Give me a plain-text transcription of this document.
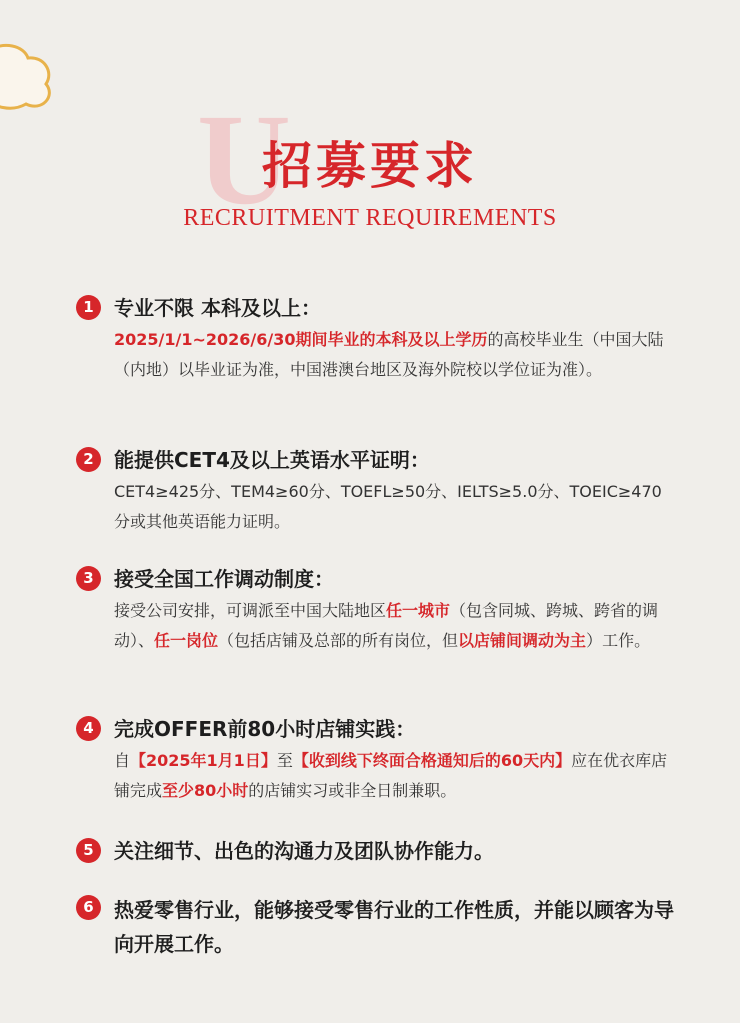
U
招募要求
RECRUITMENT REQUIREMENTS
1	专业不限 本科及以上：
2025/1/1~2026/6/30期间毕业的本科及以上学历的高校毕业生（中国大陆（内地）以毕业证为准，中国港澳台地区及海外院校以学位证为准）。
2	能提供CET4及以上英语水平证明：
CET4≥425分、TEM4≥60分、TOEFL≥50分、IELTS≥5.0分、TOEIC≥470分或其他英语能力证明。
3	接受全国工作调动制度：
接受公司安排，可调派至中国大陆地区任一城市（包含同城、跨城、跨省的调动）、任一岗位（包括店铺及总部的所有岗位，但以店铺间调动为主）工作。
4	完成OFFER前80小时店铺实践：
自【2025年1月1日】至【收到线下终面合格通知后的60天内】应在优衣库店铺完成至少80小时的店铺实习或非全日制兼职。
5	关注细节、出色的沟通力及团队协作能力。
6	热爱零售行业，能够接受零售行业的工作性质，并能以顾客为导向开展工作。
